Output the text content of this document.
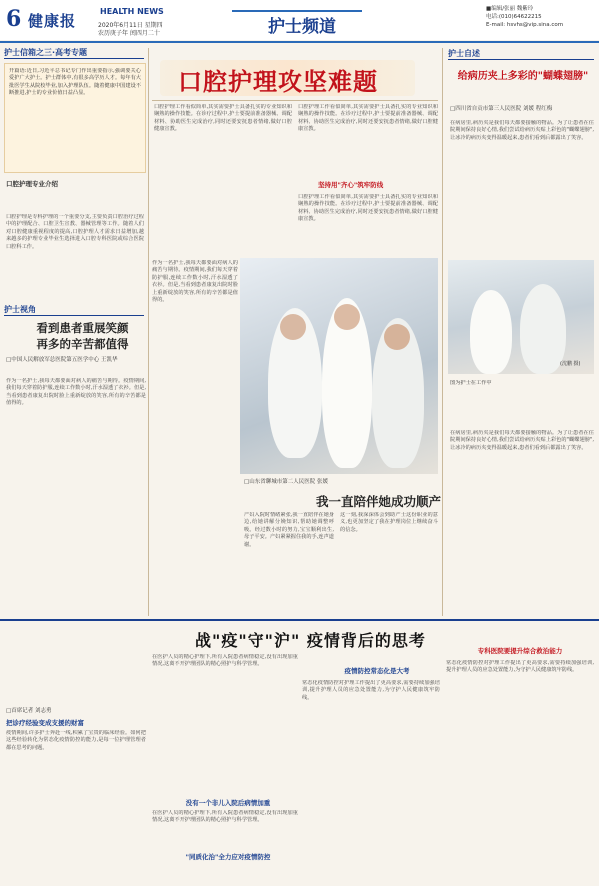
6 健康报
HEALTH NEWS
2020年6月11日 星期四
农历庚子年 闰四月二十	护士频道
■编辑/张丽 魏紫玲
电话:(010)64622215
E-mail: hsvhs@vip.sina.com
护士信箱之三·高考专题
开篇语:近日,习近平总书记专门作出重要指示,强调要关心爱护广大护士。护士群体中,有很多高学历人才。每年有大批医学生从院校毕业,加入护理队伍。随着健康中国建设不断推进,护士的专业价值日益凸显。
口腔护理专业介绍
口腔护理是专科护理的一个重要分支,主要负责口腔治疗过程中的护理配合、口腔卫生宣教、器械管理等工作。随着人们对口腔健康重视程度的提高,口腔护理人才需求日益增加,越来越多的护理专业毕业生选择进入口腔专科医院或综合医院口腔科工作。
口腔护理攻坚难题
口腔护理工作看似简单,其实需要护士具备扎实的专业知识和娴熟的操作技能。在诊疗过程中,护士要提前准备器械、调配材料、协助医生完成治疗,同时还要安抚患者情绪,做好口腔健康宣教。
口腔护理工作看似简单,其实需要护士具备扎实的专业知识和娴熟的操作技能。在诊疗过程中,护士要提前准备器械、调配材料、协助医生完成治疗,同时还要安抚患者情绪,做好口腔健康宣教。
坚持用"齐心"筑牢防线
口腔护理工作看似简单,其实需要护士具备扎实的专业知识和娴熟的操作技能。在诊疗过程中,护士要提前准备器械、调配材料、协助医生完成治疗,同时还要安抚患者情绪,做好口腔健康宣教。
护士自述
给病历夹上多彩的"蝴蝶翅膀"
□四川省自贡市第三人民医院 刘媛 程红梅
在病房里,病历夹是我们每天都要接触的物品。为了让患者在住院期间保持良好心情,我们尝试给病历夹贴上彩色的"蝴蝶翅膀",让冰冷的病历夹变得温暖起来,患者们看到后都露出了笑容。
护士视角
看到患者重展笑颜
再多的辛苦都值得
□中国人民解放军总医院第五医学中心 王凯华
作为一名护士,我每天都要面对病人的痛苦与期待。疫情期间,我们每天穿着防护服,连续工作数小时,汗水湿透了衣衫。但是,当看到患者康复出院时脸上重新绽放的笑容,所有的辛苦都是值得的。
作为一名护士,我每天都要面对病人的痛苦与期待。疫情期间,我们每天穿着防护服,连续工作数小时,汗水湿透了衣衫。但是,当看到患者康复出院时脸上重新绽放的笑容,所有的辛苦都是值得的。
(沈鹏 摄)
图为护士在工作中
在病房里,病历夹是我们每天都要接触的物品。为了让患者在住院期间保持良好心情,我们尝试给病历夹贴上彩色的"蝴蝶翅膀",让冰冷的病历夹变得温暖起来,患者们看到后都露出了笑容。
□山东省聊城市第二人民医院 张媛
我一直陪伴她成功顺产
产妇入院时情绪紧张,我一直陪伴在她身边,给她讲解分娩知识,帮助她调整呼吸。经过数小时的努力,宝宝顺利出生,母子平安。产妇紧紧握住我的手,连声道谢。
这一刻,我深深体会到助产士这份职业的意义,也更加坚定了我在护理岗位上继续奋斗的信念。
战"疫"守"沪" 疫情背后的思考
□首席记者 刘志勇
把诊疗经验变成支援的财富
疫情期间,许多护士奔赴一线,积累了宝贵的临床经验。如何把这些经验转化为常态化疫情防控的能力,是每一位护理管理者都在思考的问题。
在医护人员的精心护理下,所有入院患者病情稳定,没有出现加重情况,这离不开护理团队的精心照护与科学管理。
没有一个非儿入院后病情加重
在医护人员的精心护理下,所有入院患者病情稳定,没有出现加重情况,这离不开护理团队的精心照护与科学管理。
"同质化治"全力应对疫情防控
疫情防控常态化是大考
常态化疫情防控对护理工作提出了更高要求,需要持续加强培训,提升护理人员的应急处置能力,为守护人民健康筑牢防线。
专科医院要提升综合救治能力
常态化疫情防控对护理工作提出了更高要求,需要持续加强培训,提升护理人员的应急处置能力,为守护人民健康筑牢防线。
